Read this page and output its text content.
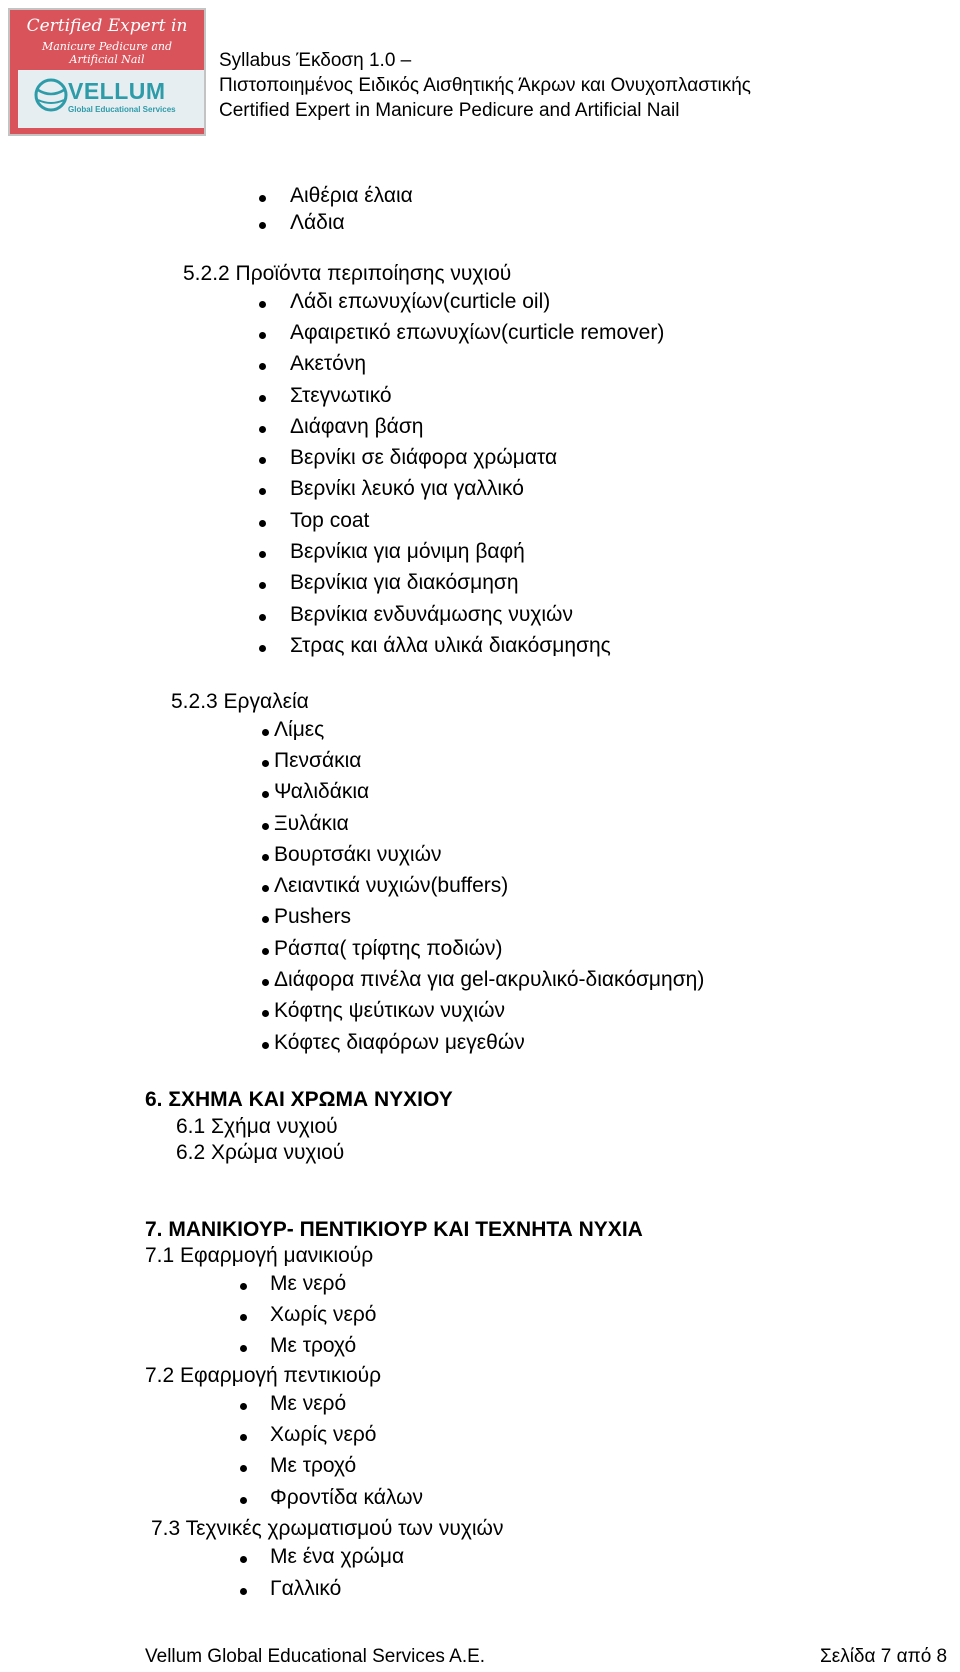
Certified Expert in
Manicure Pedicure and
Artificial Nail
VELLUM
Global Educational Services
Syllabus Έκδοση 1.0 –
Πιστοποιημένος Ειδικός Αισθητικής Άκρων και Ονυχοπλαστικής
Certified Expert in Manicure Pedicure and Artificial Nail
Αιθέρια έλαια
Λάδια
5.2.2 Προϊόντα περιποίησης νυχιού
Λάδι επωνυχίων(curticle oil)
Αφαιρετικό επωνυχίων(curticle remover)
Ακετόνη
Στεγνωτικό
Διάφανη βάση
Βερνίκι σε διάφορα χρώματα
Βερνίκι λευκό για γαλλικό
Top coat
Βερνίκια για μόνιμη βαφή
Βερνίκια για διακόσμηση
Βερνίκια ενδυνάμωσης νυχιών
Στρας και άλλα υλικά διακόσμησης
5.2.3 Εργαλεία
Λίμες
Πενσάκια
Ψαλιδάκια
Ξυλάκια
Βουρτσάκι νυχιών
Λειαντικά νυχιών(buffers)
Pushers
Ράσπα( τρίφτης ποδιών)
Διάφορα πινέλα για gel-ακρυλικό-διακόσμηση)
Κόφτης ψεύτικων νυχιών
Κόφτες διαφόρων μεγεθών
6. ΣΧΗΜΑ ΚΑΙ ΧΡΩΜΑ ΝΥΧΙΟΥ
6.1 Σχήμα νυχιού
6.2 Χρώμα νυχιού
7. ΜΑΝΙΚΙΟΥΡ- ΠΕΝΤΙΚΙΟΥΡ ΚΑΙ ΤΕΧΝΗΤΑ ΝΥΧΙΑ
7.1 Εφαρμογή μανικιούρ
Με νερό
Χωρίς νερό
Με τροχό
7.2 Εφαρμογή πεντικιούρ
Με νερό
Χωρίς νερό
Με τροχό
Φροντίδα κάλων
7.3 Τεχνικές χρωματισμού των νυχιών
Με ένα χρώμα
Γαλλικό
Vellum Global Educational Services A.E.	Σελίδα 7 από 8
